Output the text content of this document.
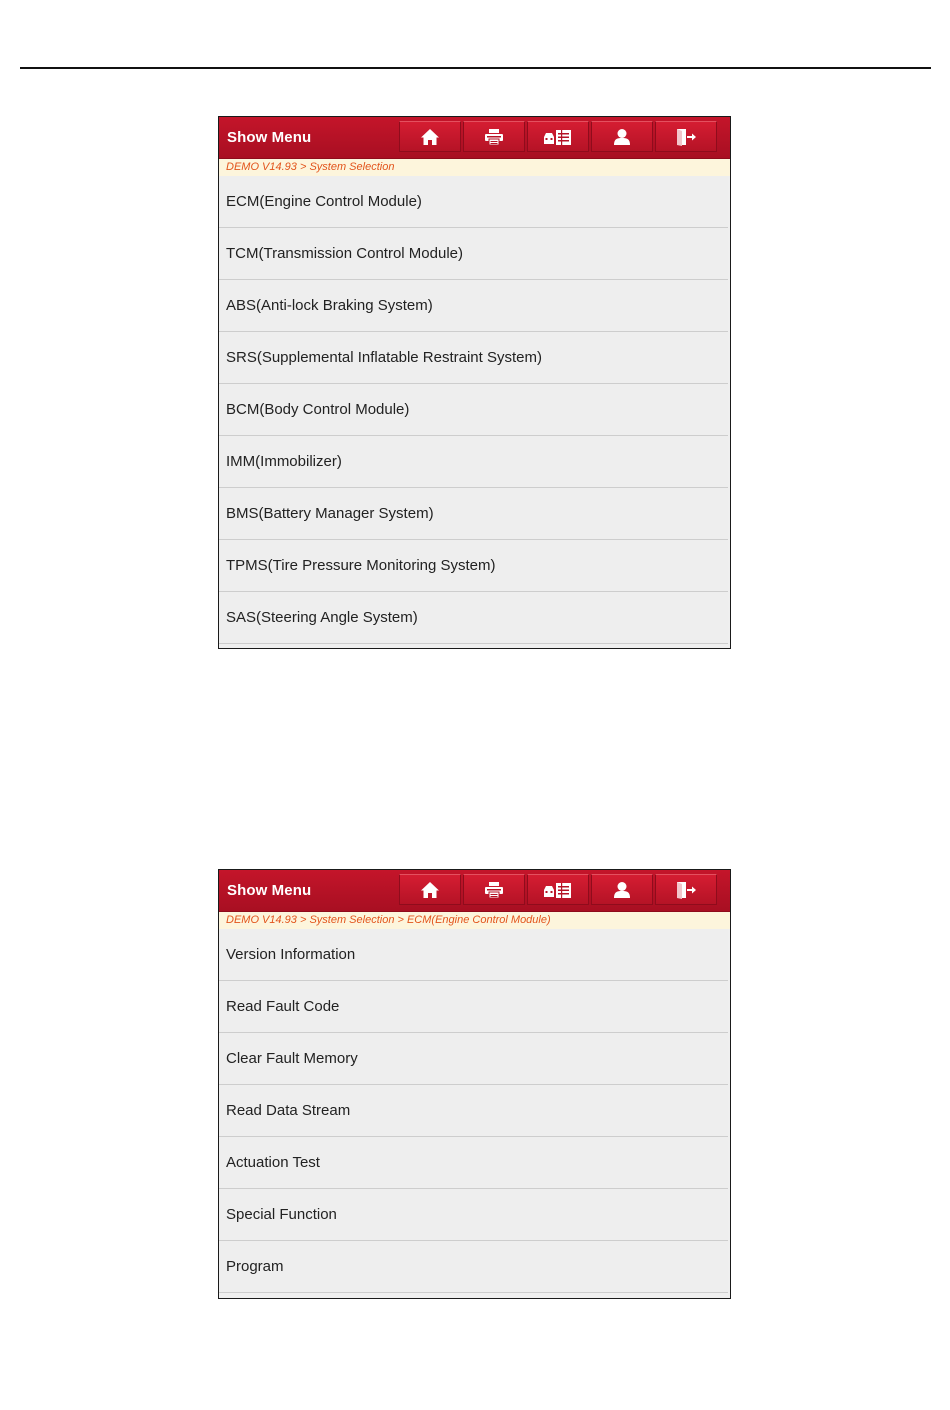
Show Menu
DEMO V14.93 > System Selection
ECM(Engine Control Module)
TCM(Transmission Control Module)
ABS(Anti-lock Braking System)
SRS(Supplemental Inflatable Restraint System)
BCM(Body Control Module)
IMM(Immobilizer)
BMS(Battery Manager System)
TPMS(Tire Pressure Monitoring System)
SAS(Steering Angle System)
Show Menu
DEMO V14.93 > System Selection > ECM(Engine Control Module)
Version Information
Read Fault Code
Clear Fault Memory
Read Data Stream
Actuation Test
Special Function
Program
